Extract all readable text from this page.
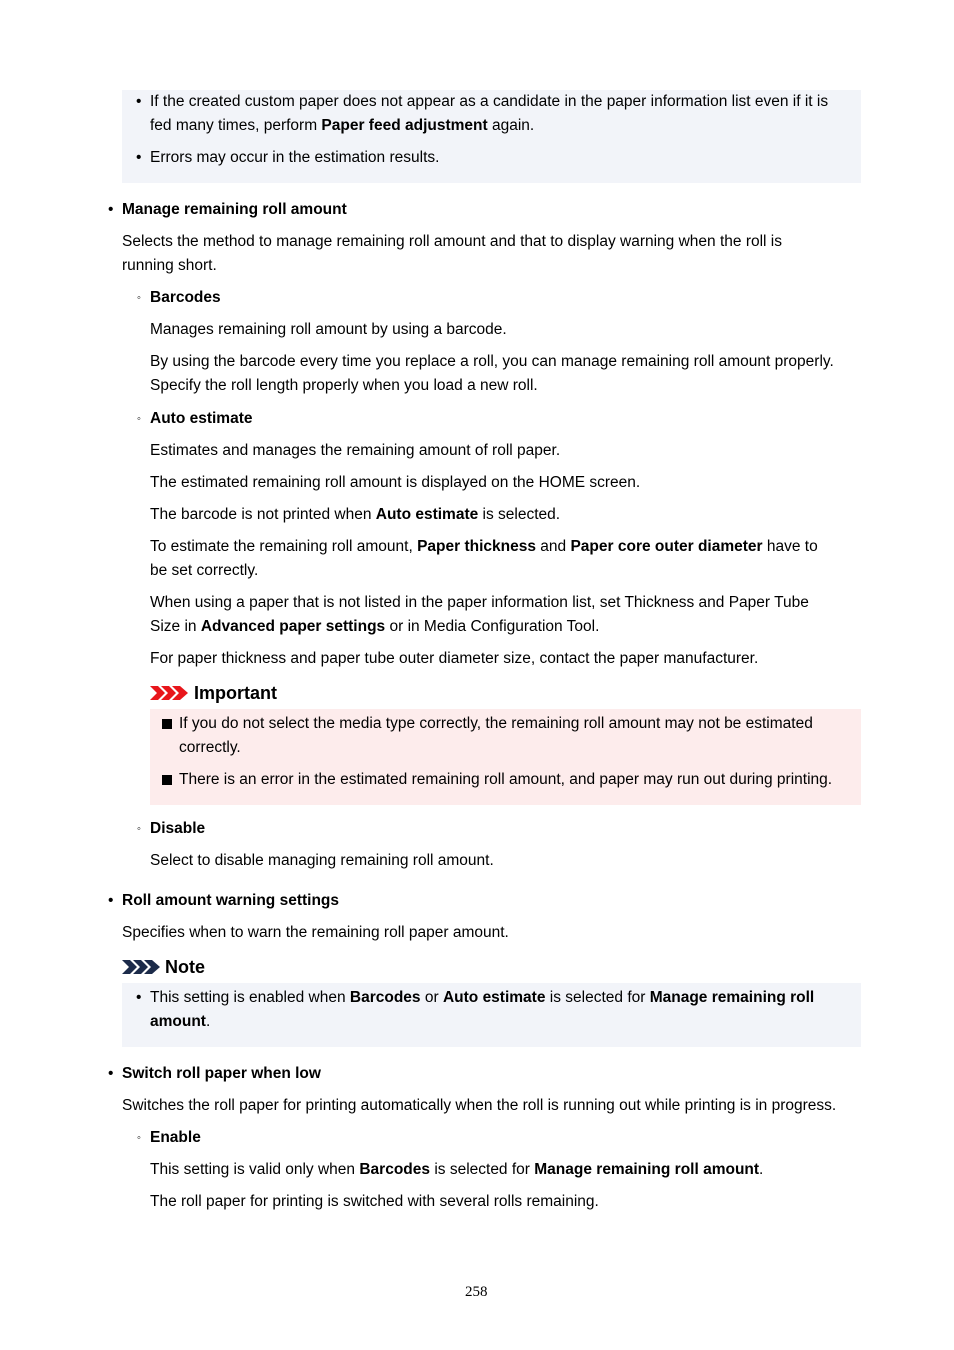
• If the created custom paper does not appear as a candidate in the paper information list even if it is
fed many times, perform Paper feed adjustment again.
• Errors may occur in the estimation results.
• Manage remaining roll amount
Selects the method to manage remaining roll amount and that to display warning when the roll is
running short.
◦ Barcodes
Manages remaining roll amount by using a barcode.
By using the barcode every time you replace a roll, you can manage remaining roll amount properly.
Specify the roll length properly when you load a new roll.
◦ Auto estimate
Estimates and manages the remaining amount of roll paper.
The estimated remaining roll amount is displayed on the HOME screen.
The barcode is not printed when Auto estimate is selected.
To estimate the remaining roll amount, Paper thickness and Paper core outer diameter have to
be set correctly.
When using a paper that is not listed in the paper information list, set Thickness and Paper Tube
Size in Advanced paper settings or in Media Configuration Tool.
For paper thickness and paper tube outer diameter size, contact the paper manufacturer.
Important
If you do not select the media type correctly, the remaining roll amount may not be estimated
correctly.
There is an error in the estimated remaining roll amount, and paper may run out during printing.
◦ Disable
Select to disable managing remaining roll amount.
• Roll amount warning settings
Specifies when to warn the remaining roll paper amount.
Note
• This setting is enabled when Barcodes or Auto estimate is selected for Manage remaining roll
amount.
• Switch roll paper when low
Switches the roll paper for printing automatically when the roll is running out while printing is in progress.
◦ Enable
This setting is valid only when Barcodes is selected for Manage remaining roll amount.
The roll paper for printing is switched with several rolls remaining.
258
